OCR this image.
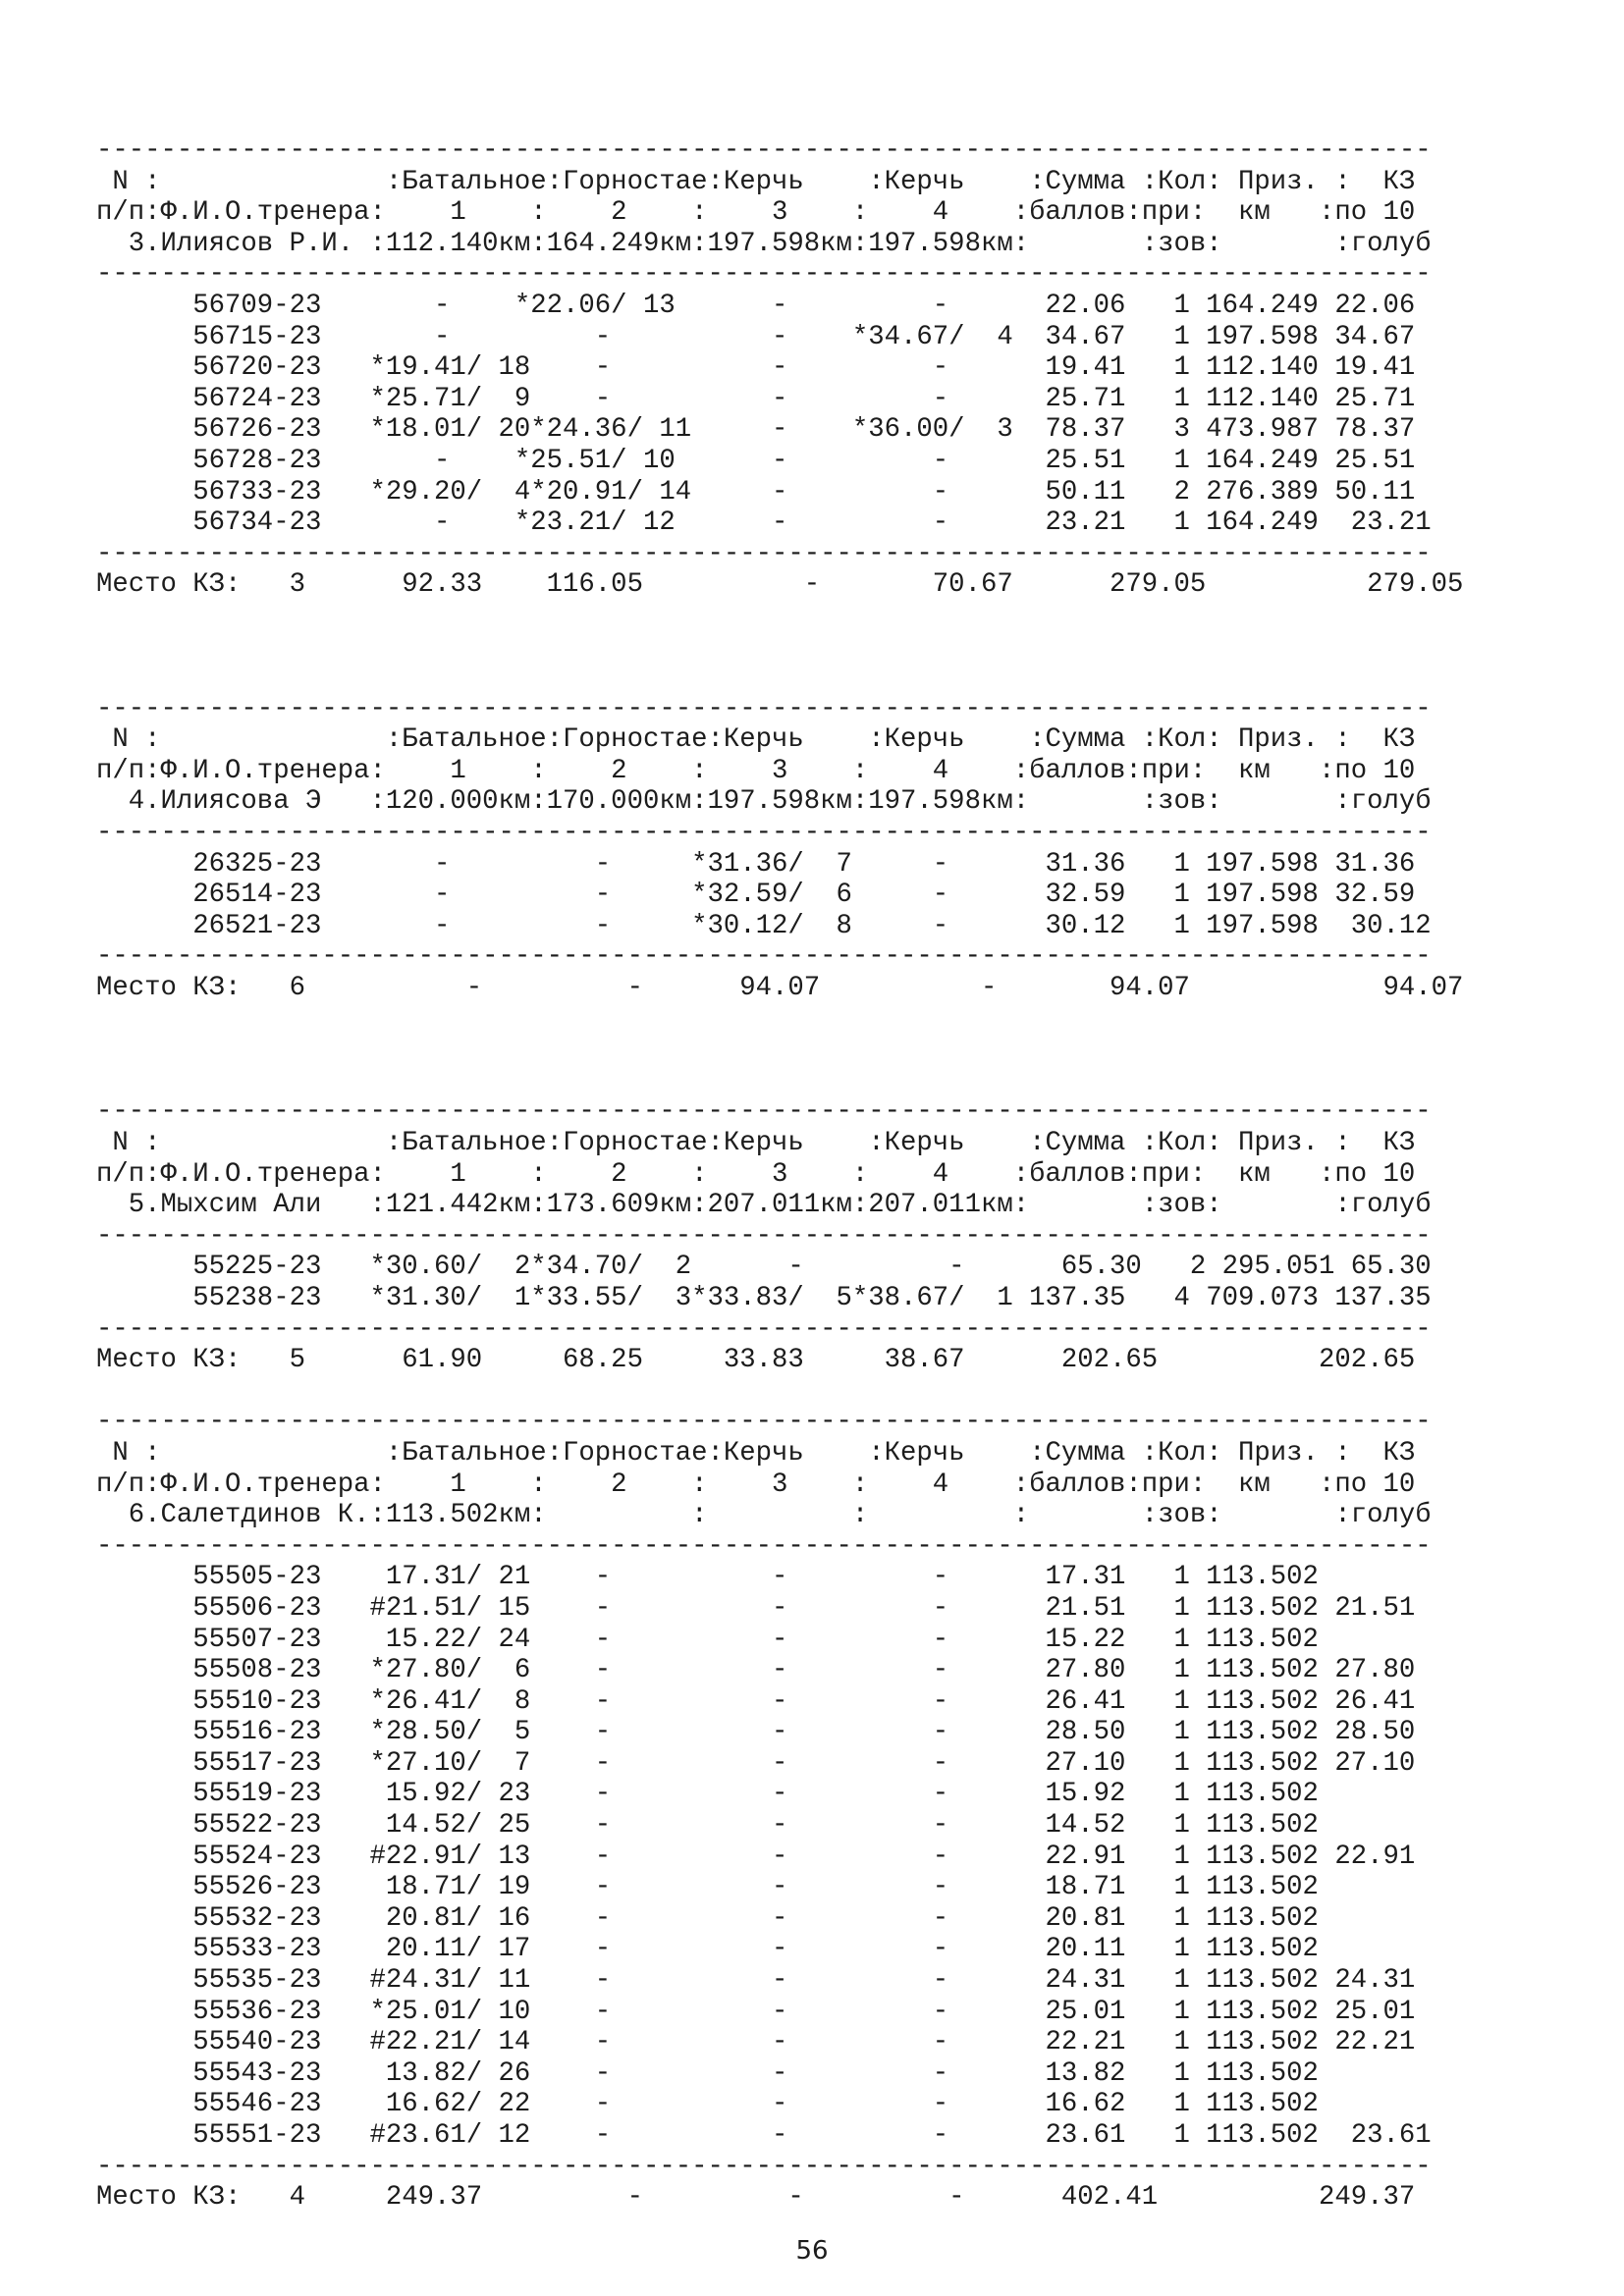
-----------------------------------------------------------------------------------
N :              :Батальное:Горностае:Керчь    :Керчь    :Сумма :Кол: Приз. :  КЗ
п/п:Ф.И.О.тренера:    1    :    2    :    3    :    4    :баллов:при:  км   :по 10
3.Илиясов Р.И. :112.140км:164.249км:197.598км:197.598км:       :зов:       :голуб
-----------------------------------------------------------------------------------
56709-23       -    *22.06/ 13      -         -      22.06   1 164.249 22.06
56715-23       -         -          -    *34.67/  4  34.67   1 197.598 34.67
56720-23   *19.41/ 18    -          -         -      19.41   1 112.140 19.41
56724-23   *25.71/  9    -          -         -      25.71   1 112.140 25.71
56726-23   *18.01/ 20*24.36/ 11     -    *36.00/  3  78.37   3 473.987 78.37
56728-23       -    *25.51/ 10      -         -      25.51   1 164.249 25.51
56733-23   *29.20/  4*20.91/ 14     -         -      50.11   2 276.389 50.11
56734-23       -    *23.21/ 12      -         -      23.21   1 164.249  23.21
-----------------------------------------------------------------------------------
Место КЗ:   3      92.33    116.05          -       70.67      279.05          279.05

-----------------------------------------------------------------------------------
N :              :Батальное:Горностае:Керчь    :Керчь    :Сумма :Кол: Приз. :  КЗ
п/п:Ф.И.О.тренера:    1    :    2    :    3    :    4    :баллов:при:  км   :по 10
4.Илиясова Э   :120.000км:170.000км:197.598км:197.598км:       :зов:       :голуб
-----------------------------------------------------------------------------------
26325-23       -         -     *31.36/  7     -      31.36   1 197.598 31.36
26514-23       -         -     *32.59/  6     -      32.59   1 197.598 32.59
26521-23       -         -     *30.12/  8     -      30.12   1 197.598  30.12
-----------------------------------------------------------------------------------
Место КЗ:   6          -         -      94.07          -       94.07            94.07

-----------------------------------------------------------------------------------
N :              :Батальное:Горностае:Керчь    :Керчь    :Сумма :Кол: Приз. :  КЗ
п/п:Ф.И.О.тренера:    1    :    2    :    3    :    4    :баллов:при:  км   :по 10
5.Мыхсим Али   :121.442км:173.609км:207.011км:207.011км:       :зов:       :голуб
-----------------------------------------------------------------------------------
55225-23   *30.60/  2*34.70/  2      -         -      65.30   2 295.051 65.30
55238-23   *31.30/  1*33.55/  3*33.83/  5*38.67/  1 137.35   4 709.073 137.35
-----------------------------------------------------------------------------------
Место КЗ:   5      61.90     68.25     33.83     38.67      202.65          202.65

-----------------------------------------------------------------------------------
N :              :Батальное:Горностае:Керчь    :Керчь    :Сумма :Кол: Приз. :  КЗ
п/п:Ф.И.О.тренера:    1    :    2    :    3    :    4    :баллов:при:  км   :по 10
6.Салетдинов К.:113.502км:         :         :         :       :зов:       :голуб
-----------------------------------------------------------------------------------
55505-23    17.31/ 21    -          -         -      17.31   1 113.502
55506-23   #21.51/ 15    -          -         -      21.51   1 113.502 21.51
55507-23    15.22/ 24    -          -         -      15.22   1 113.502
55508-23   *27.80/  6    -          -         -      27.80   1 113.502 27.80
55510-23   *26.41/  8    -          -         -      26.41   1 113.502 26.41
55516-23   *28.50/  5    -          -         -      28.50   1 113.502 28.50
55517-23   *27.10/  7    -          -         -      27.10   1 113.502 27.10
55519-23    15.92/ 23    -          -         -      15.92   1 113.502
55522-23    14.52/ 25    -          -         -      14.52   1 113.502
55524-23   #22.91/ 13    -          -         -      22.91   1 113.502 22.91
55526-23    18.71/ 19    -          -         -      18.71   1 113.502
55532-23    20.81/ 16    -          -         -      20.81   1 113.502
55533-23    20.11/ 17    -          -         -      20.11   1 113.502
55535-23   #24.31/ 11    -          -         -      24.31   1 113.502 24.31
55536-23   *25.01/ 10    -          -         -      25.01   1 113.502 25.01
55540-23   #22.21/ 14    -          -         -      22.21   1 113.502 22.21
55543-23    13.82/ 26    -          -         -      13.82   1 113.502
55546-23    16.62/ 22    -          -         -      16.62   1 113.502
55551-23   #23.61/ 12    -          -         -      23.61   1 113.502  23.61
-----------------------------------------------------------------------------------
Место КЗ:   4     249.37         -         -         -      402.41          249.37
56
